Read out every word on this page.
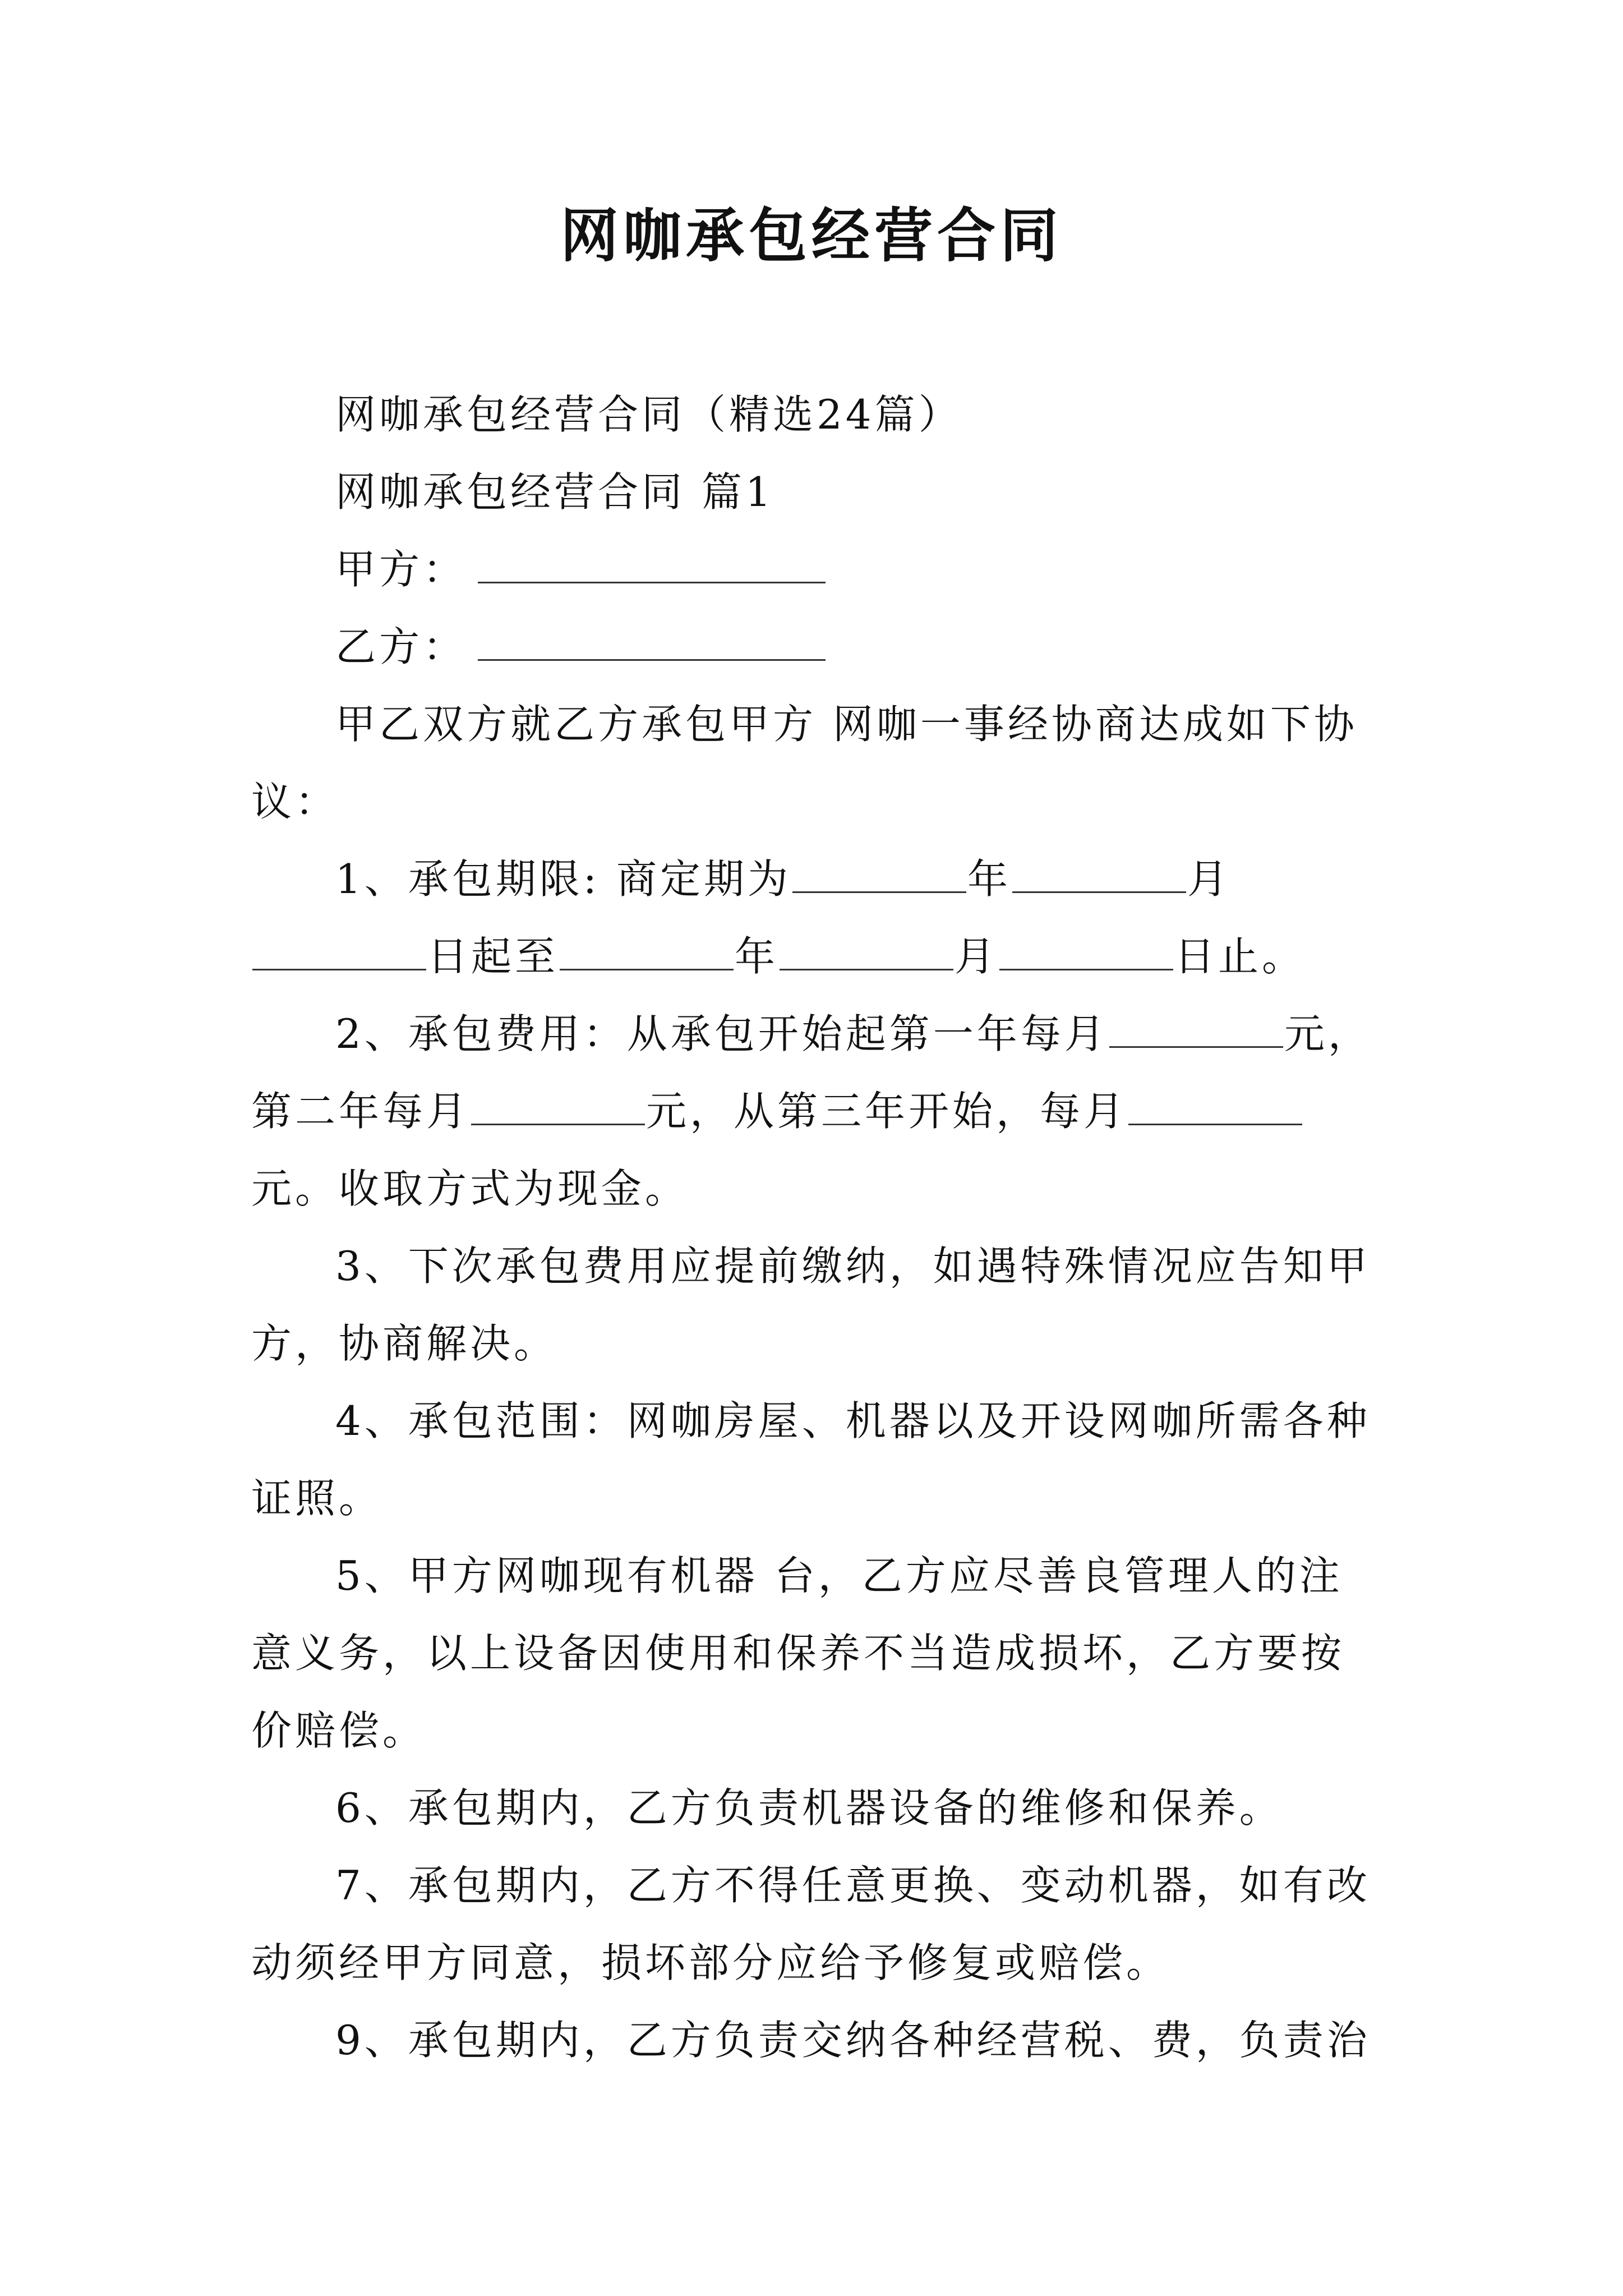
网咖承包经营合同

网咖承包经营合同（精选24篇）

网咖承包经营合同 篇1

甲方：

乙方：

甲乙双方就乙方承包甲方 网咖一事经协商达成如下协议：

1、承包期限: 商定期为	年	月日起至	年	月	日止。

2、承包费用：从承包开始起第一年每月	元，第二年每月	元，从第三年开始，每月元。收取方式为现金。

3、下次承包费用应提前缴纳，如遇特殊情况应告知甲方，协商解决。

4、承包范围：网咖房屋、机器以及开设网咖所需各种证照。

5、甲方网咖现有机器 台，乙方应尽善良管理人的注意义务，以上设备因使用和保养不当造成损坏，乙方要按价赔偿。

6、承包期内，乙方负责机器设备的维修和保养。

7、承包期内，乙方不得任意更换、变动机器，如有改动须经甲方同意，损坏部分应给予修复或赔偿。

9、承包期内，乙方负责交纳各种经营税、费，负责治
